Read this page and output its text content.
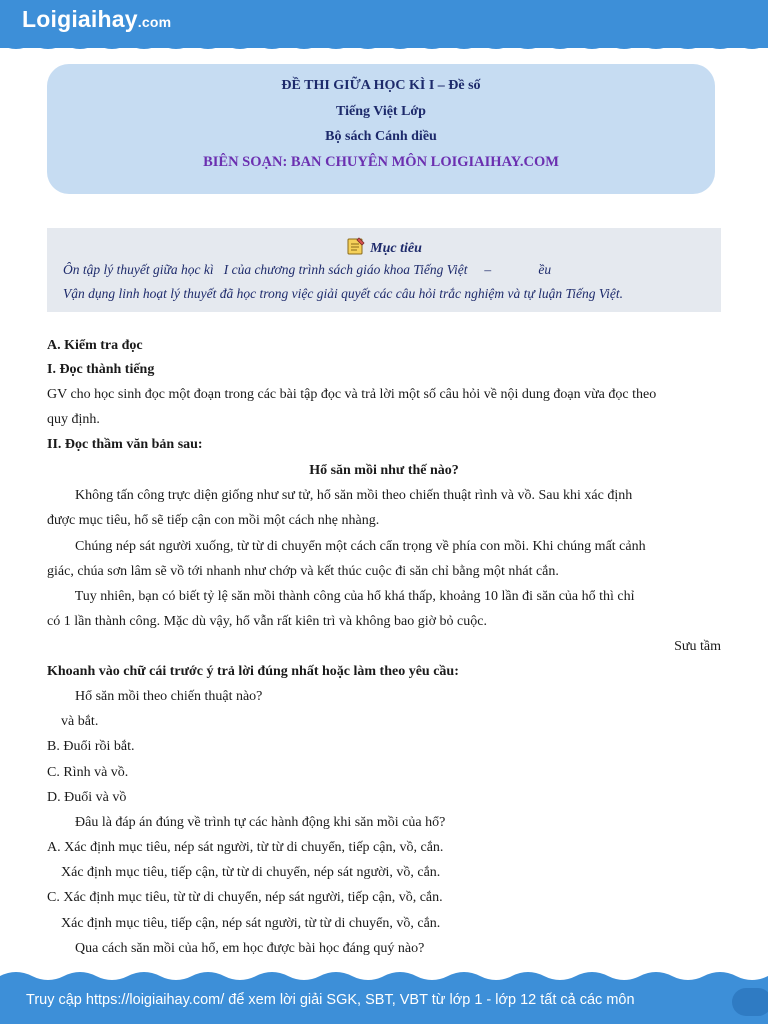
Loigiaihay.com
ĐỀ THI GIỮA HỌC KÌ I – Đề số
Tiếng Việt Lớp
Bộ sách Cánh diều
BIÊN SOẠN: BAN CHUYÊN MÔN LOIGIAIHAY.COM
Mục tiêu
Ôn tập lý thuyết giữa học kì   I của chương trình sách giáo khoa Tiếng Việt     –              ều
Vận dụng linh hoạt lý thuyết đã học trong việc giải quyết các câu hỏi trắc nghiệm và tự luận Tiếng Việt.
A. Kiểm tra đọc
I. Đọc thành tiếng
GV cho học sinh đọc một đoạn trong các bài tập đọc và trả lời một số câu hỏi về nội dung đoạn vừa đọc theo
quy định.
II. Đọc thầm văn bản sau:
Hổ săn mồi như thế nào?
Không tấn công trực diện giống như sư tử, hổ săn mồi theo chiến thuật rình và vồ. Sau khi xác định
được mục tiêu, hổ sẽ tiếp cận con mồi một cách nhẹ nhàng.
Chúng nép sát người xuống, từ từ di chuyển một cách cẩn trọng về phía con mồi. Khi chúng mất cảnh
giác, chúa sơn lâm sẽ vồ tới nhanh như chớp và kết thúc cuộc đi săn chỉ bằng một nhát cắn.
Tuy nhiên, bạn có biết tỷ lệ săn mồi thành công của hổ khá thấp, khoảng 10 lần đi săn của hổ thì chỉ
có 1 lần thành công. Mặc dù vậy, hổ vẫn rất kiên trì và không bao giờ bỏ cuộc.
Sưu tầm
Khoanh vào chữ cái trước ý trả lời đúng nhất hoặc làm theo yêu cầu:
Hổ săn mồi theo chiến thuật nào?
và bắt.
B. Đuổi rồi bắt.
C. Rình và vồ.
D. Đuổi và vồ
Đâu là đáp án đúng về trình tự các hành động khi săn mồi của hổ?
A. Xác định mục tiêu, nép sát người, từ từ di chuyển, tiếp cận, vồ, cắn.
Xác định mục tiêu, tiếp cận, từ từ di chuyển, nép sát người, vồ, cắn.
C. Xác định mục tiêu, từ từ di chuyển, nép sát người, tiếp cận, vồ, cắn.
Xác định mục tiêu, tiếp cận, nép sát người, từ từ di chuyển, vồ, cắn.
Qua cách săn mồi của hổ, em học được bài học đáng quý nào?
Truy cập https://loigiaihay.com/ để xem lời giải SGK, SBT, VBT từ lớp 1 - lớp 12 tất cả các môn
